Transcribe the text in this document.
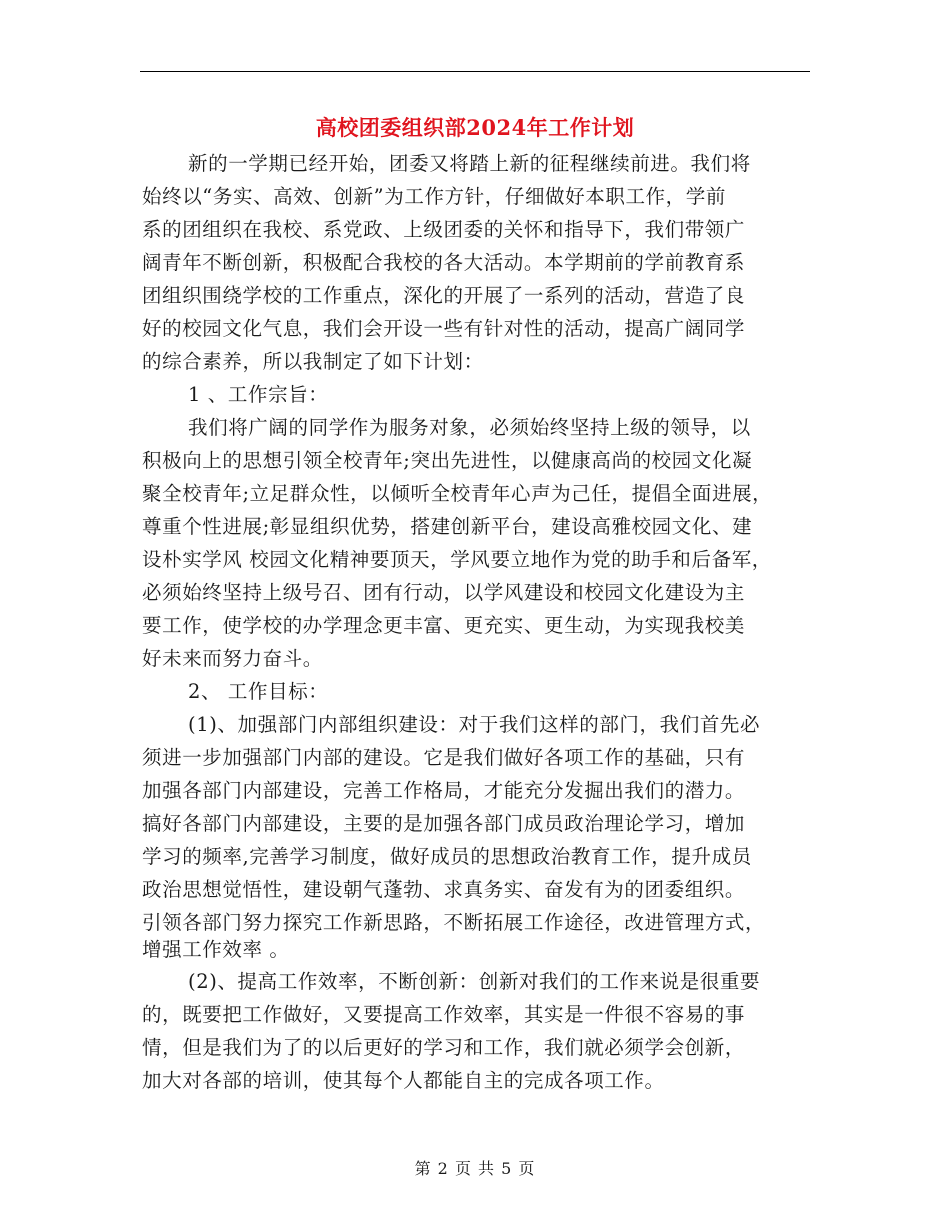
高校团委组织部2024年工作计划
新的一学期已经开始，团委又将踏上新的征程继续前进。我们将
始终以“务实、高效、创新”为工作方针，仔细做好本职工作，学前
系的团组织在我校、系党政、上级团委的关怀和指导下，我们带领广
阔青年不断创新，积极配合我校的各大活动。本学期前的学前教育系
团组织围绕学校的工作重点，深化的开展了一系列的活动，营造了良
好的校园文化气息，我们会开设一些有针对性的活动，提高广阔同学
的综合素养，所以我制定了如下计划：
1 、工作宗旨：
我们将广阔的同学作为服务对象，必须始终坚持上级的领导，以
积极向上的思想引领全校青年;突出先进性，以健康高尚的校园文化凝
聚全校青年;立足群众性，以倾听全校青年心声为己任，提倡全面进展，
尊重个性进展;彰显组织优势，搭建创新平台，建设高雅校园文化、建
设朴实学风 校园文化精神要顶天，学风要立地作为党的助手和后备军，
必须始终坚持上级号召、团有行动，以学风建设和校园文化建设为主
要工作，使学校的办学理念更丰富、更充实、更生动，为实现我校美
好未来而努力奋斗。
2、 工作目标：
(1)、加强部门内部组织建设：对于我们这样的部门，我们首先必
须进一步加强部门内部的建设。它是我们做好各项工作的基础，只有
加强各部门内部建设，完善工作格局，才能充分发掘出我们的潜力。
搞好各部门内部建设，主要的是加强各部门成员政治理论学习，增加
学习的频率,完善学习制度，做好成员的思想政治教育工作，提升成员
政治思想觉悟性，建设朝气蓬勃、求真务实、奋发有为的团委组织。
引领各部门努力探究工作新思路，不断拓展工作途径，改进管理方式，
增强工作效率 。
(2)、提高工作效率，不断创新：创新对我们的工作来说是很重要
的，既要把工作做好，又要提高工作效率，其实是一件很不容易的事
情，但是我们为了的以后更好的学习和工作，我们就必须学会创新，
加大对各部的培训，使其每个人都能自主的完成各项工作。
第 2 页 共 5 页
